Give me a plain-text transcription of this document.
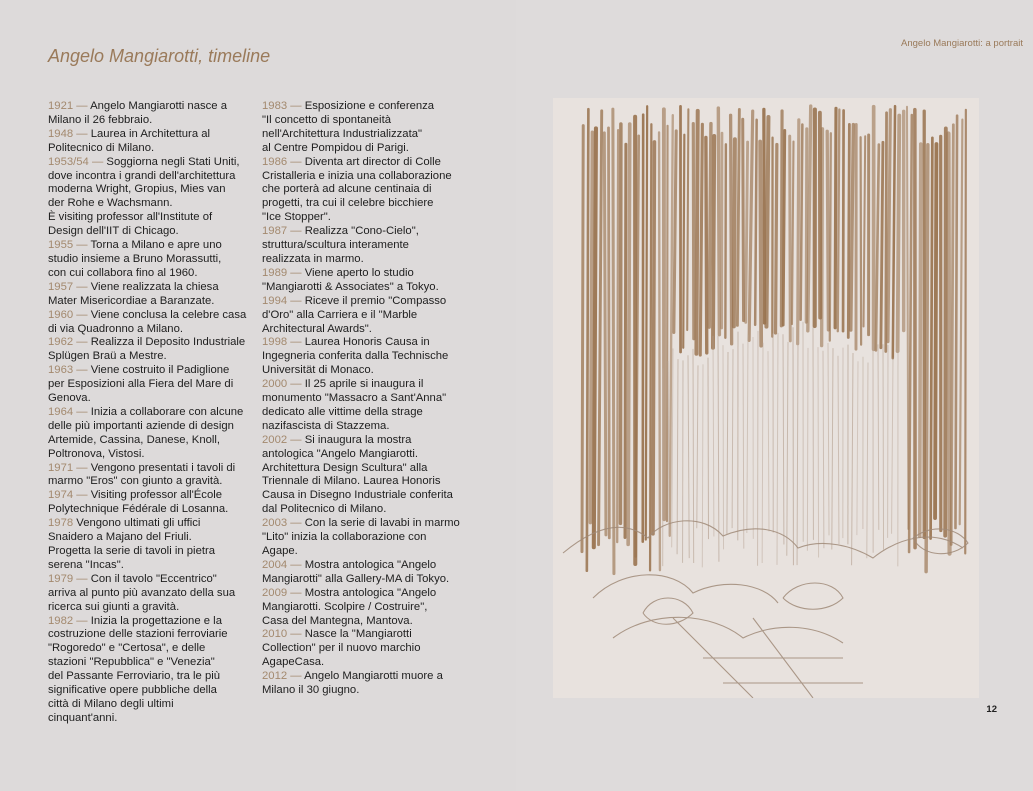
Angelo Mangiarotti, timeline

1921 — Angelo Mangiarotti nasce a
Milano il 26 febbraio.

1948 — Laurea in Architettura al
Politecnico di Milano.

1953/54 — Soggiorna negli Stati Uniti,
dove incontra i grandi dell'architettura
moderna Wright, Gropius, Mies van
der Rohe e Wachsmann.
È visiting professor all'Institute of
Design dell'IIT di Chicago.

1955 — Torna a Milano e apre uno
studio insieme a Bruno Morassutti,
con cui collabora fino al 1960.

1957 — Viene realizzata la chiesa
Mater Misericordiae a Baranzate.

1960 — Viene conclusa la celebre casa
di via Quadronno a Milano.

1962 — Realizza il Deposito Industriale
Splügen Braü a Mestre.

1963 — Viene costruito il Padiglione
per Esposizioni alla Fiera del Mare di
Genova.

1964 — Inizia a collaborare con alcune
delle più importanti aziende di design
Artemide, Cassina, Danese, Knoll,
Poltronova, Vistosi.

1971 — Vengono presentati i tavoli di
marmo "Eros" con giunto a gravità.

1974 — Visiting professor all'École
Polytechnique Fédérale di Losanna.

1978 Vengono ultimati gli uffici
Snaidero a Majano del Friuli.
Progetta la serie di tavoli in pietra
serena "Incas".

1979 — Con il tavolo "Eccentrico"
arriva al punto più avanzato della sua
ricerca sui giunti a gravità.

1982 — Inizia la progettazione e la
costruzione delle stazioni ferroviarie
"Rogoredo" e "Certosa", e delle
stazioni "Repubblica" e "Venezia"
del Passante Ferroviario, tra le più
significative opere pubbliche della
città di Milano degli ultimi
cinquant'anni.

1983 — Esposizione e conferenza
"Il concetto di spontaneità
nell'Architettura Industrializzata"
al Centre Pompidou di Parigi.

1986 — Diventa art director di Colle
Cristalleria e inizia una collaborazione
che porterà ad alcune centinaia di
progetti, tra cui il celebre bicchiere
"Ice Stopper".

1987 — Realizza "Cono-Cielo",
struttura/scultura interamente
realizzata in marmo.

1989 — Viene aperto lo studio
"Mangiarotti & Associates" a Tokyo.

1994 — Riceve il premio "Compasso
d'Oro" alla Carriera e il "Marble
Architectural Awards".

1998 — Laurea Honoris Causa in
Ingegneria conferita dalla Technische
Universität di Monaco.

2000 — Il 25 aprile si inaugura il
monumento "Massacro a Sant'Anna"
dedicato alle vittime della strage
nazifascista di Stazzema.

2002 — Si inaugura la mostra
antologica "Angelo Mangiarotti.
Architettura Design Scultura" alla
Triennale di Milano. Laurea Honoris
Causa in Disegno Industriale conferita
dal Politecnico di Milano.

2003 — Con la serie di lavabi in marmo
"Lito" inizia la collaborazione con
Agape.

2004 — Mostra antologica "Angelo
Mangiarotti" alla Gallery-MA di Tokyo.

2009 — Mostra antologica "Angelo
Mangiarotti. Scolpire / Costruire",
Casa del Mantegna, Mantova.

2010 — Nasce la "Mangiarotti
Collection" per il nuovo marchio
AgapeCasa.

2012 — Angelo Mangiarotti muore a
Milano il 30 giugno.

Angelo Mangiarotti: a portrait
12
